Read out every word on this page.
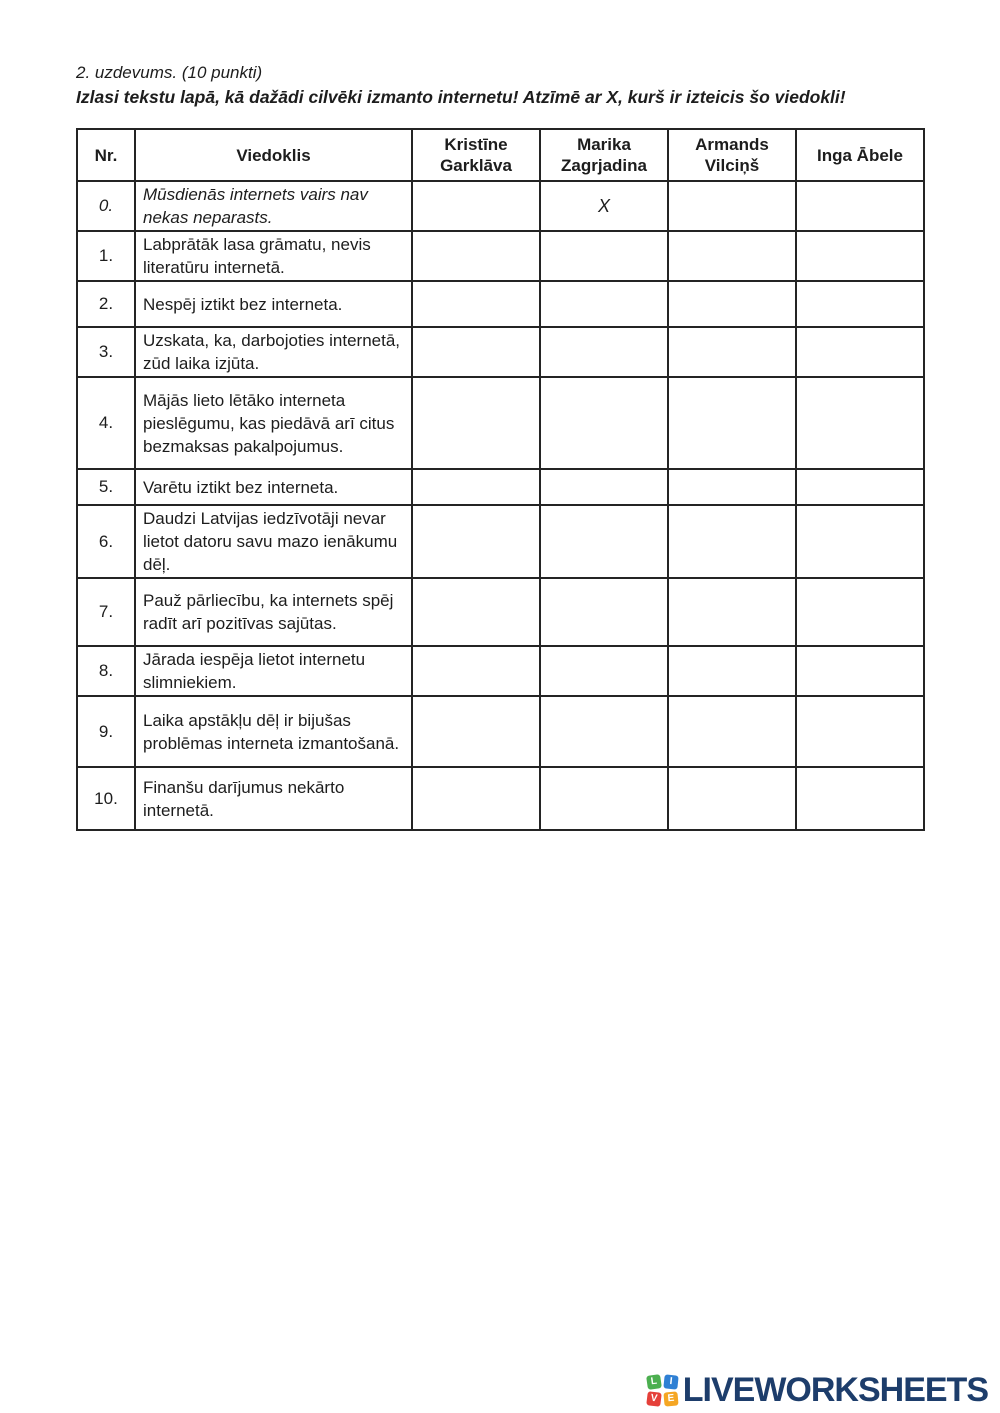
2. uzdevums. (10 punkti)
Izlasi tekstu lapā, kā dažādi cilvēki izmanto internetu! Atzīmē ar X, kurš ir izteicis šo viedokli!
Nr.	Viedoklis	Kristīne Garklāva	Marika Zagrjadina	Armands Vilciņš	Inga Ābele
0.	Mūsdienās internets vairs nav nekas neparasts.		X		
1.	Labprātāk lasa grāmatu, nevis literatūru internetā.				
2.	Nespēj iztikt bez interneta.				
3.	Uzskata, ka, darbojoties internetā, zūd laika izjūta.				
4.	Mājās lieto lētāko interneta pieslēgumu, kas piedāvā arī citus bezmaksas pakalpojumus.				
5.	Varētu iztikt bez interneta.				
6.	Daudzi Latvijas iedzīvotāji nevar lietot datoru savu mazo ienākumu dēļ.				
7.	Pauž pārliecību, ka internets spēj radīt arī pozitīvas sajūtas.				
8.	Jārada iespēja lietot internetu slimniekiem.				
9.	Laika apstākļu dēļ ir bijušas problēmas interneta izmantošanā.				
10.	Finanšu darījumus nekārto internetā.				
L	I
V E LIVEWORKSHEETS
